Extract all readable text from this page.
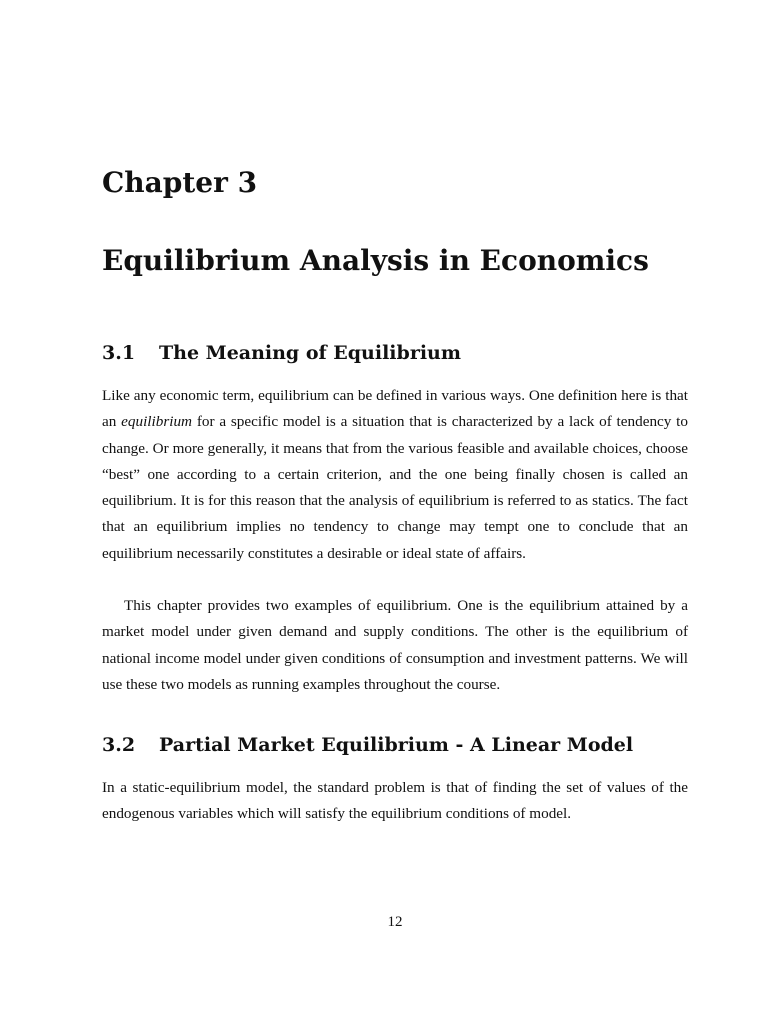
Chapter 3
Equilibrium Analysis in Economics
3.1 The Meaning of Equilibrium

Like any economic term, equilibrium can be defined in various ways. One definition here is that an equilibrium for a specific model is a situation that is characterized by a lack of tendency to change. Or more generally, it means that from the various feasible and available choices, choose “best” one according to a certain criterion, and the one being finally chosen is called an equilibrium. It is for this reason that the analysis of equilibrium is referred to as statics. The fact that an equilibrium implies no tendency to change may tempt one to conclude that an equilibrium necessarily constitutes a desirable or ideal state of affairs.

This chapter provides two examples of equilibrium. One is the equilibrium attained by a market model under given demand and supply conditions. The other is the equilibrium of national income model under given conditions of consumption and investment patterns. We will use these two models as running examples throughout the course.

3.2 Partial Market Equilibrium - A Linear Model

In a static-equilibrium model, the standard problem is that of finding the set of values of the endogenous variables which will satisfy the equilibrium conditions of model.

12
